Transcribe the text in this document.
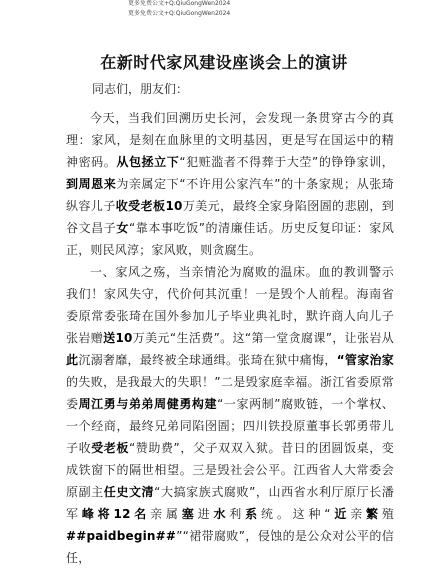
更多免费公文+Q:QiuGongWen2024
更多免费公文+Q:QiuGongWen2024
在新时代家风建设座谈会上的演讲
同志们，朋友们：

今天，当我们回溯历史长河，会发现一条贯穿古今的真理：家风，是刻在血脉里的文明基因，更是写在国运中的精神密码。从包拯立下“犯赃滥者不得葬于大茔”的铮铮家训，到周恩来为亲属定下“不许用公家汽车”的十条家规；从张琦纵容儿子收受老板10万美元，最终全家身陷囹圄的悲剧，到谷文昌子女“靠本事吃饭”的清廉佳话。历史反复印证：家风正，则民风淳；家风败，则贪腐生。

一、家风之殇，当亲情沦为腐败的温床。血的教训警示我们！家风失守，代价何其沉重！一是毁个人前程。海南省委原常委张琦在国外参加儿子毕业典礼时，默许商人向儿子张岩赠送10万美元“生活费”。这“第一堂贪腐课”，让张岩从此沉溺奢靡，最终被全球通缉。张琦在狱中痛悔，“管家治家的失败，是我最大的失职！”二是毁家庭幸福。浙江省委原常委周江勇与弟弟周健勇构建“一家两制”腐败链，一个掌权、一个经商，最终兄弟同陷囹圄；四川铁投原董事长郭勇带儿子收受老板“赞助费”，父子双双入狱。昔日的团圆饭桌，变成铁窗下的隔世相望。三是毁社会公平。江西省人大常委会原副主任史文清“大搞家族式腐败”，山西省水利厅原厅长潘军峰将12名亲属塞进水利系统。这种“近亲繁殖##paidbegin##”“裙带腐败”，侵蚀的是公众对公平的信任，
